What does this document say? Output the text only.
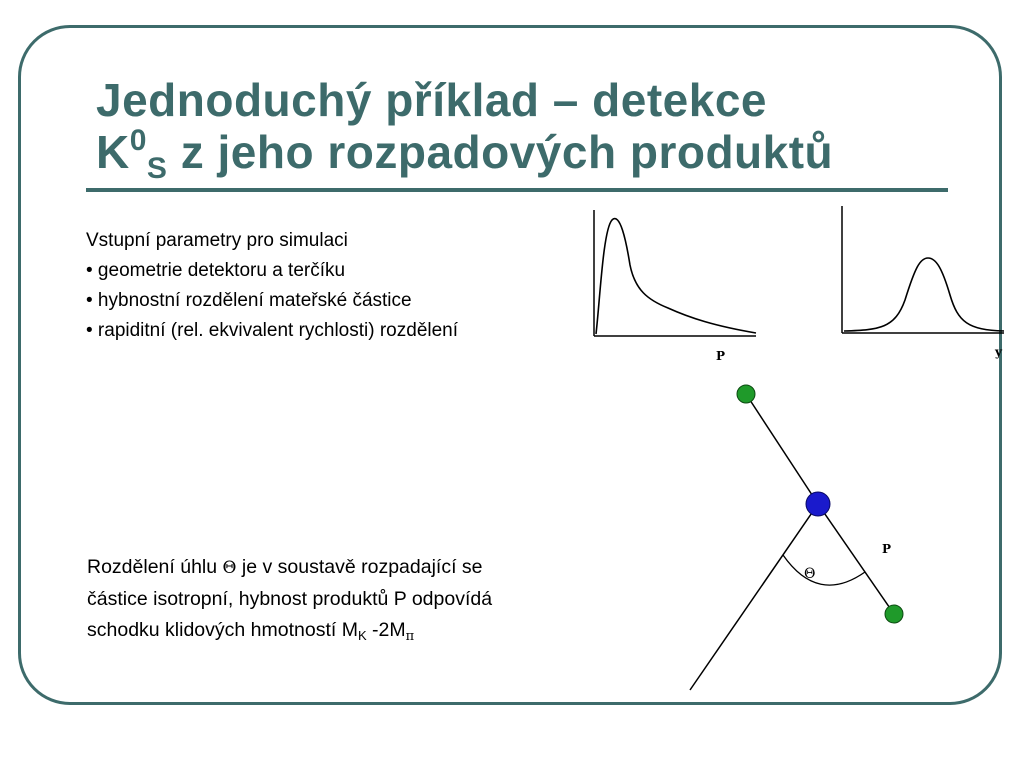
Jednoduchý příklad – detekce
$K^0_S$ z jeho rozpadových produktů
Vstupní parametry pro simulaci
• geometrie detektoru a terčíku
• hybnostní rozdělení mateřské částice
• rapiditní (rel. ekvivalent rychlosti) rozdělení
Rozdělení úhlu Θ je v soustavě rozpadající se
částice isotropní, hybnost produktů P odpovídá
schodku klidových hmotností $M_K$ $-2M_\pi$
P	y
Θ
P
